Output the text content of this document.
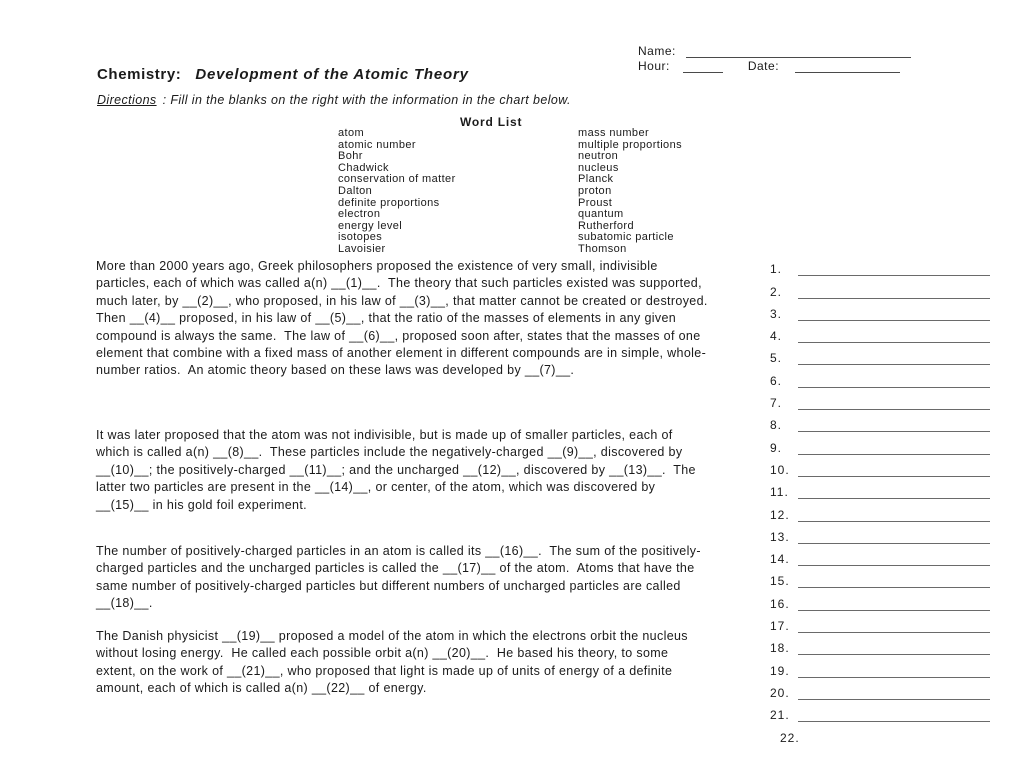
Name:
Hour:	Date:
Chemistry: Development of the Atomic Theory
Directions : Fill in the blanks on the right with the information in the chart below.
Word List
atom	mass number
atomic number	multiple proportions
Bohr	neutron
Chadwick	nucleus
conservation of matter	Planck
Dalton	proton
definite proportions	Proust
electron	quantum
energy level	Rutherford
isotopes	subatomic particle
Lavoisier	Thomson
More than 2000 years ago, Greek philosophers proposed the existence of very small, indivisible particles, each of which was called a(n) __(1)__.  The theory that such particles existed was supported, much later, by __(2)__, who proposed, in his law of __(3)__, that matter cannot be created or destroyed.  Then __(4)__ proposed, in his law of __(5)__, that the ratio of the masses of elements in any given compound is always the same.  The law of __(6)__, proposed soon after, states that the masses of one element that combine with a fixed mass of another element in different compounds are in simple, whole-number ratios.  An atomic theory based on these laws was developed by __(7)__.
It was later proposed that the atom was not indivisible, but is made up of smaller particles, each of which is called a(n) __(8)__.  These particles include the negatively-charged __(9)__, discovered by __(10)__; the positively-charged __(11)__; and the uncharged __(12)__, discovered by __(13)__.  The latter two particles are present in the __(14)__, or center, of the atom, which was discovered by __(15)__ in his gold foil experiment.
The number of positively-charged particles in an atom is called its __(16)__.  The sum of the positively-charged particles and the uncharged particles is called the __(17)__ of the atom.  Atoms that have the same number of positively-charged particles but different numbers of uncharged particles are called __(18)__.
The Danish physicist __(19)__ proposed a model of the atom in which the electrons orbit the nucleus without losing energy.  He called each possible orbit a(n) __(20)__.  He based his theory, to some extent, on the work of __(21)__, who proposed that light is made up of units of energy of a definite amount, each of which is called a(n) __(22)__ of energy.
1.
2.
3.
4.
5.
6.
7.
8.
9.
10.
11.
12.
13.
14.
15.
16.
17.
18.
19.
20.
21.
22.
